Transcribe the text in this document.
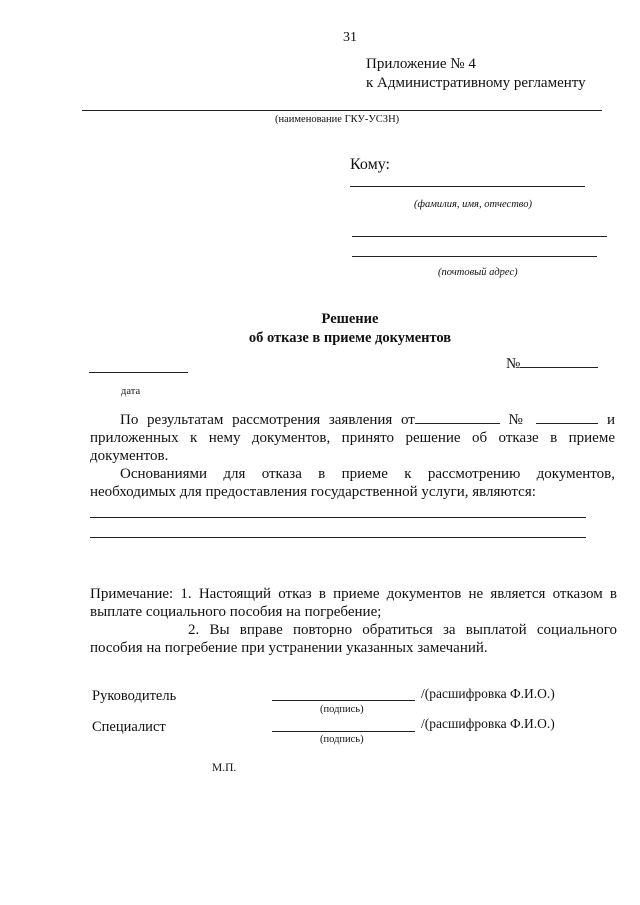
31
Приложение № 4
к Административному регламенту
(наименование ГКУ-УСЗН)
Кому:
(фамилия, имя, отчество)
(почтовый адрес)
Решение
об отказе в приеме документов
№
дата
По результатам рассмотрения заявления от	№	и
приложенных к нему документов, принято решение об отказе в приеме документов.
Основаниями для отказа в приеме к рассмотрению документов, необходимых для предоставления государственной услуги, являются:
Примечание: 1. Настоящий отказ в приеме документов не является отказом в
выплате социального пособия на погребение;
2. Вы вправе повторно обратиться за выплатой социального
пособия на погребение при устранении указанных замечаний.
Руководитель	/(расшифровка Ф.И.О.)
(подпись)
Специалист	/(расшифровка Ф.И.О.)
(подпись)
М.П.
